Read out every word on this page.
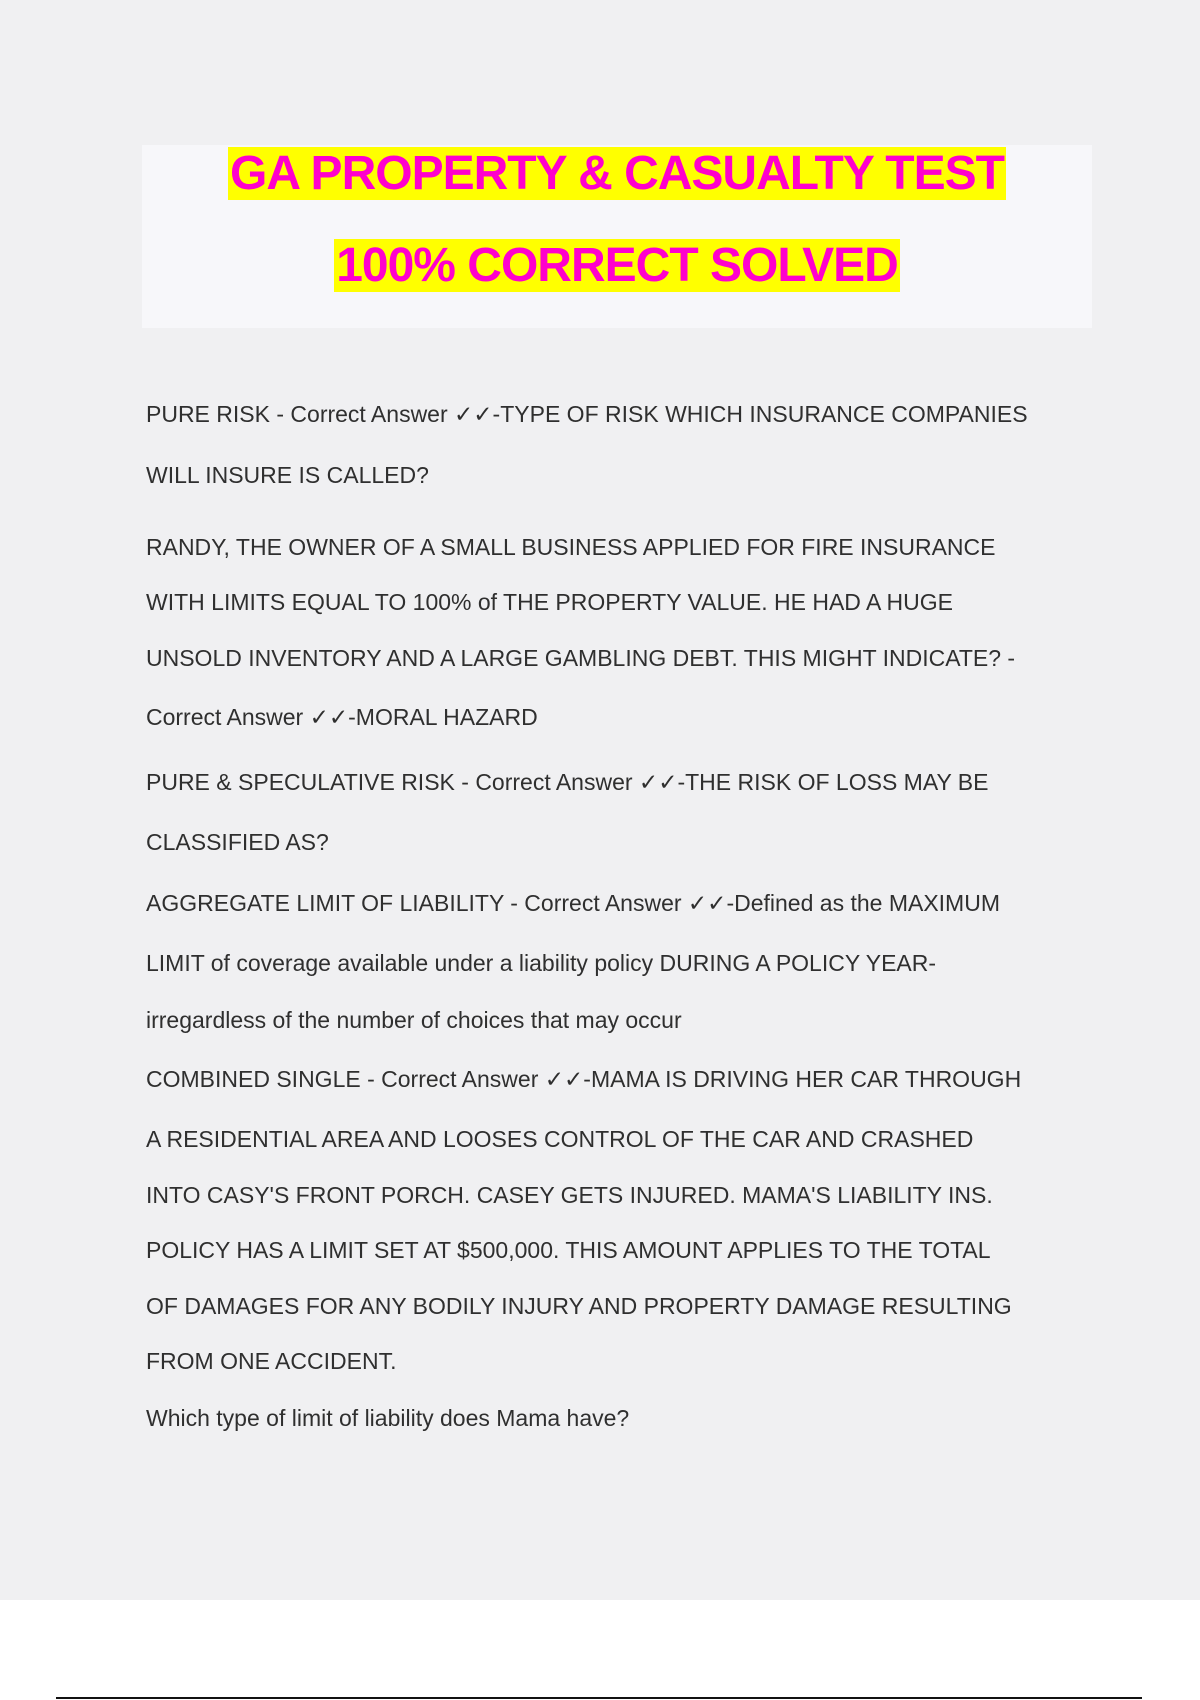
GA PROPERTY & CASUALTY TEST
100% CORRECT SOLVED
PURE RISK - Correct Answer ✓✓-TYPE OF RISK WHICH INSURANCE COMPANIES
WILL INSURE IS CALLED?
RANDY, THE OWNER OF A SMALL BUSINESS APPLIED FOR FIRE INSURANCE
WITH LIMITS EQUAL TO 100% of THE PROPERTY VALUE. HE HAD A HUGE
UNSOLD INVENTORY AND A LARGE GAMBLING DEBT. THIS MIGHT INDICATE? -
Correct Answer ✓✓-MORAL HAZARD
PURE & SPECULATIVE RISK - Correct Answer ✓✓-THE RISK OF LOSS MAY BE
CLASSIFIED AS?
AGGREGATE LIMIT OF LIABILITY - Correct Answer ✓✓-Defined as the MAXIMUM
LIMIT of coverage available under a liability policy DURING A POLICY YEAR-
irregardless of the number of choices that may occur
COMBINED SINGLE - Correct Answer ✓✓-MAMA IS DRIVING HER CAR THROUGH
A RESIDENTIAL AREA AND LOOSES CONTROL OF THE CAR AND CRASHED
INTO CASY'S FRONT PORCH. CASEY GETS INJURED. MAMA'S LIABILITY INS.
POLICY HAS A LIMIT SET AT $500,000. THIS AMOUNT APPLIES TO THE TOTAL
OF DAMAGES FOR ANY BODILY INJURY AND PROPERTY DAMAGE RESULTING
FROM ONE ACCIDENT.
Which type of limit of liability does Mama have?
